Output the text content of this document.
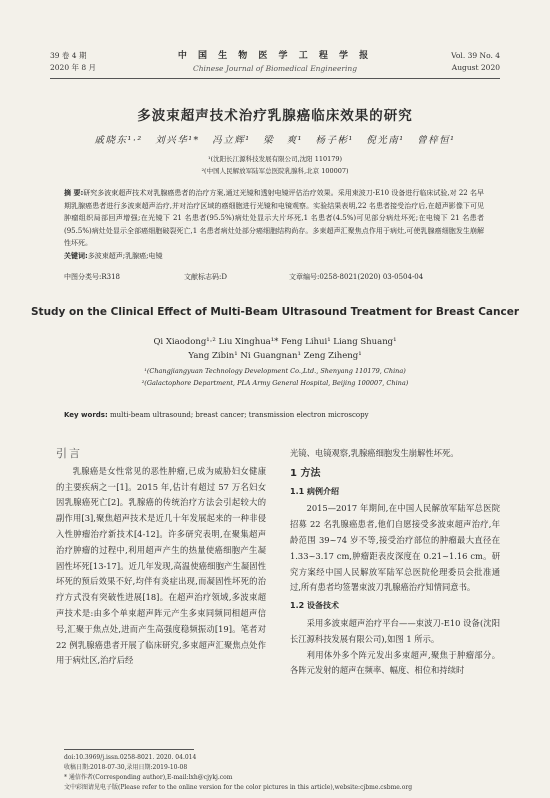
39 卷 4 期
2020 年 8 月
中 国 生 物 医 学 工 程 学 报
Chinese Journal of Biomedical Engineering
Vol. 39 No. 4
August 2020
多波束超声技术治疗乳腺癌临床效果的研究
戚晓东¹·² 刘兴华¹* 冯立辉¹ 梁 爽¹ 杨子彬¹ 倪光南¹ 曾梓恒¹
¹(沈阳长江源科技发展有限公司,沈阳 110179)
²(中国人民解放军陆军总医院乳腺科,北京 100007)
摘 要:研究多波束超声技术对乳腺癌患者的治疗方案,通过光镜和透射电镜评估治疗效果。采用束波刀-E10 设备进行临床试验,对 22 名早期乳腺癌患者进行多波束超声治疗,并对治疗区域的癌细胞进行光镜和电镜观察。实验结果表明,22 名患者接受治疗后,在超声影像下可见肿瘤组织局部回声增强;在光镜下 21 名患者(95.5%)病灶处显示大片坏死,1 名患者(4.5%)可见部分病灶坏死;在电镜下 21 名患者(95.5%)病灶处显示全部癌细胞破裂死亡,1 名患者病灶处部分癌细胞结构尚存。多束超声汇聚焦点作用于病灶,可使乳腺癌细胞发生崩解性坏死。
关键词:多波束超声;乳腺癌;电镜
中图分类号:R318	文献标志码:D	文章编号:0258-8021(2020) 03-0504-04
Study on the Clinical Effect of Multi-Beam Ultrasound Treatment for Breast Cancer
Qi Xiaodong¹·² Liu Xinghua¹* Feng Lihui¹ Liang Shuang¹
Yang Zibin¹ Ni Guangnan¹ Zeng Ziheng¹
¹(Changjiangyuan Technology Development Co.,Ltd., Shenyang 110179, China)
²(Galactophore Department, PLA Army General Hospital, Beijing 100007, China)
Key words: multi-beam ultrasound; breast cancer; transmission electron microscopy
引言

乳腺癌是女性常见的恶性肿瘤,已成为威胁妇女健康的主要疾病之一[1]。2015 年,估计有超过 57 万名妇女因乳腺癌死亡[2]。乳腺癌的传统治疗方法会引起较大的副作用[3],聚焦超声技术是近几十年发展起来的一种非侵入性肿瘤治疗新技术[4-12]。许多研究表明,在聚集超声治疗肿瘤的过程中,利用超声产生的热量使癌细胞产生凝固性坏死[13-17]。近几年发现,高温使癌细胞产生凝固性坏死的预后效果不好,均伴有炎症出现,而凝固性坏死的治疗方式没有突破性进展[18]。在超声治疗领域,多波束超声技术是:由多个单束超声阵元产生多束同频同相超声信号,汇聚于焦点处,进而产生高强度稳频振动[19]。笔者对 22 例乳腺癌患者开展了临床研究,多束超声汇聚焦点处作用于病灶区,治疗后经

光镜、电镜观察,乳腺癌细胞发生崩解性坏死。

1 方法
1.1 病例介绍

2015—2017 年期间,在中国人民解放军陆军总医院招募 22 名乳腺癌患者,他们自愿接受多波束超声治疗,年龄范围 39~74 岁不等,接受治疗部位的肿瘤最大直径在 1.33~3.17 cm,肿瘤距表皮深度在 0.21~1.16 cm。研究方案经中国人民解放军陆军总医院伦理委员会批准通过,所有患者均签署束波刀乳腺癌治疗知情同意书。

1.2 设备技术

采用多波束超声治疗平台——束波刀-E10 设备(沈阳长江源科技发展有限公司),如图 1 所示。

利用体外多个阵元发出多束超声,聚焦于肿瘤部分。各阵元发射的超声在频率、幅度、相位和持续时

doi:10.3969/j.issn.0258-8021. 2020. 04.014
收稿日期:2018-07-30,录用日期:2019-10-08
* 通信作者(Corresponding author),E-mail:lxh@cjykj.com
文中彩图请见电子版(Please refer to the online version for the color pictures in this article),website:cjbme.csbme.org
